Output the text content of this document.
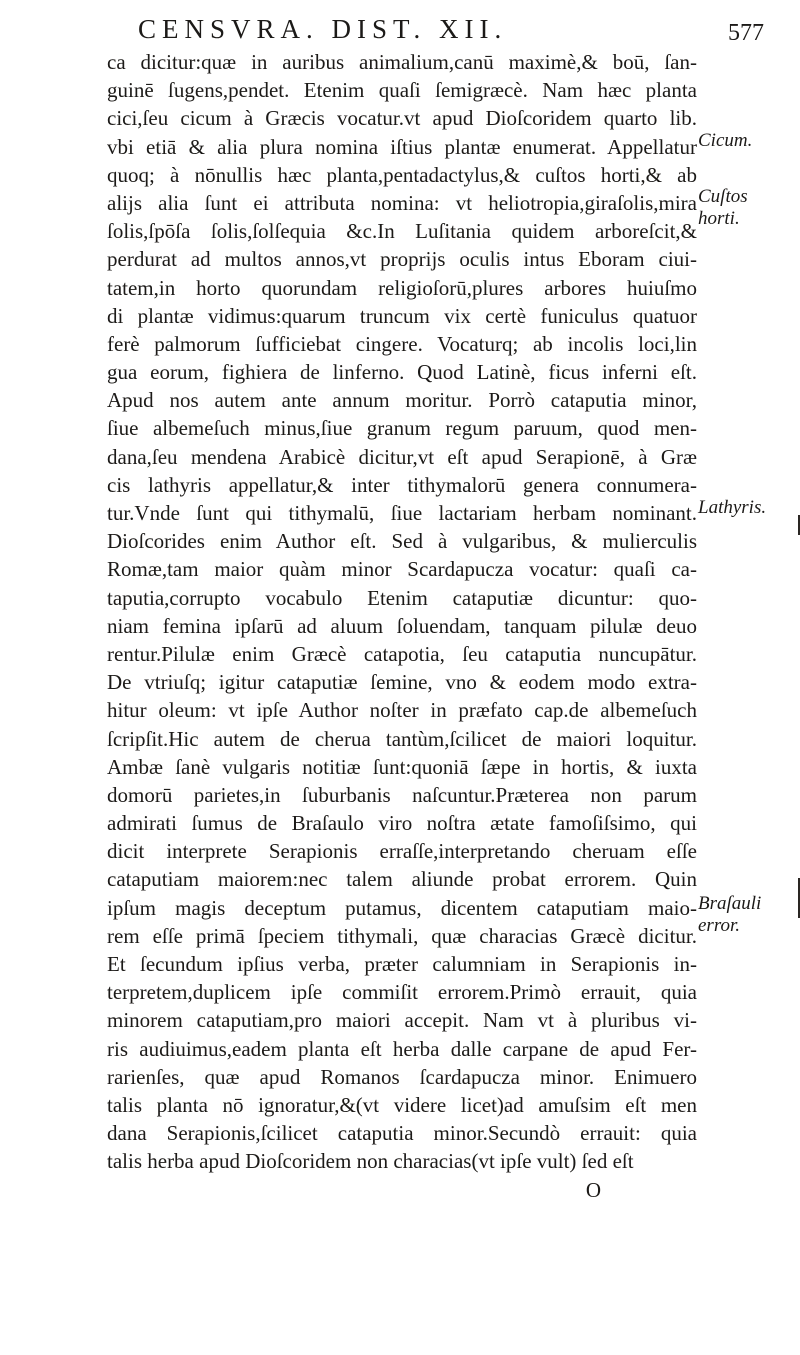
CENSVRA. DIST. XII.	577
ca dicitur:quæ in auribus animalium,canū maximè,& boū, ſan-
guinē ſugens,pendet. Etenim quaſi ſemigræcè. Nam hæc planta
cici,ſeu cicum à Græcis vocatur.vt apud Dioſcoridem quarto lib.
vbi etiā & alia plura nomina iſtius plantæ enumerat. Appellatur
quoq; à nōnullis hæc planta,pentadactylus,& cuſtos horti,& ab
alijs alia ſunt ei attributa nomina: vt heliotropia,giraſolis,mira
ſolis,ſpōſa ſolis,ſolſequia &c.In Luſitania quidem arboreſcit,&
perdurat ad multos annos,vt proprijs oculis intus Eboram ciui-
tatem,in horto quorundam religioſorū,plures arbores huiuſmo
di plantæ vidimus:quarum truncum vix certè funiculus quatuor
ferè palmorum ſufficiebat cingere. Vocaturq; ab incolis loci,lin
gua eorum, fighiera de linferno. Quod Latinè, ficus inferni eſt.
Apud nos autem ante annum moritur. Porrò cataputia minor,
ſiue albemeſuch minus,ſiue granum regum paruum, quod men-
dana,ſeu mendena Arabicè dicitur,vt eſt apud Serapionē, à Græ
cis lathyris appellatur,& inter tithymalorū genera connumera-
tur.Vnde ſunt qui tithymalū, ſiue lactariam herbam nominant.
Dioſcorides enim Author eſt. Sed à vulgaribus, & mulierculis
Romæ,tam maior quàm minor Scardapucza vocatur: quaſi ca-
taputia,corrupto vocabulo Etenim cataputiæ dicuntur: quo-
niam femina ipſarū ad aluum ſoluendam, tanquam pilulæ deuo
rentur.Pilulæ enim Græcè catapotia, ſeu cataputia nuncupātur.
De vtriuſq; igitur cataputiæ ſemine, vno & eodem modo extra-
hitur oleum: vt ipſe Author noſter in præfato cap.de albemeſuch
ſcripſit.Hic autem de cherua tantùm,ſcilicet de maiori loquitur.
Ambæ ſanè vulgaris notitiæ ſunt:quoniā ſæpe in hortis, & iuxta
domorū parietes,in ſuburbanis naſcuntur.Præterea non parum
admirati ſumus de Braſaulo viro noſtra ætate famoſiſsimo, qui
dicit interprete Serapionis erraſſe,interpretando cheruam eſſe
cataputiam maiorem:nec talem aliunde probat errorem. Quin
ipſum magis deceptum putamus, dicentem cataputiam maio-
rem eſſe primā ſpeciem tithymali, quæ characias Græcè dicitur.
Et ſecundum ipſius verba, præter calumniam in Serapionis in-
terpretem,duplicem ipſe commiſit errorem.Primò errauit, quia
minorem cataputiam,pro maiori accepit. Nam vt à pluribus vi-
ris audiuimus,eadem planta eſt herba dalle carpane de apud Fer-
rarienſes, quæ apud Romanos ſcardapucza minor. Enimuero
talis planta nō ignoratur,&(vt videre licet)ad amuſsim eſt men
dana Serapionis,ſcilicet cataputia minor.Secundò errauit: quia
talis herba apud Dioſcoridem non characias(vt ipſe vult) ſed eſt
O
Cicum.
Cuſtos horti.
Lathyris.
Braſauli error.
